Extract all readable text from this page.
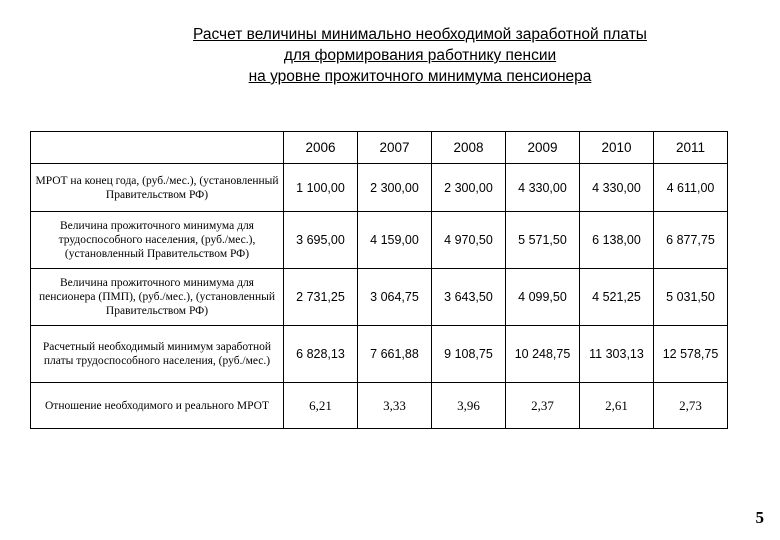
Расчет величины минимально необходимой заработной платы
для формирования работнику пенсии
на уровне прожиточного минимума пенсионера
	2006	2007	2008	2009	2010	2011
МРОТ на конец года, (руб./мес.), (установленный Правительством РФ)	1 100,00	2 300,00	2 300,00	4 330,00	4 330,00	4 611,00
Величина прожиточного минимума для трудоспособного населения, (руб./мес.), (установленный Правительством РФ)	3 695,00	4 159,00	4 970,50	5 571,50	6 138,00	6 877,75
Величина прожиточного минимума для пенсионера (ПМП), (руб./мес.), (установленный Правительством РФ)	2 731,25	3 064,75	3 643,50	4 099,50	4 521,25	5 031,50
Расчетный необходимый минимум заработной платы трудоспособного населения, (руб./мес.)	6 828,13	7 661,88	9 108,75	10 248,75	11 303,13	12 578,75
Отношение необходимого и реального МРОТ	6,21	3,33	3,96	2,37	2,61	2,73
5
